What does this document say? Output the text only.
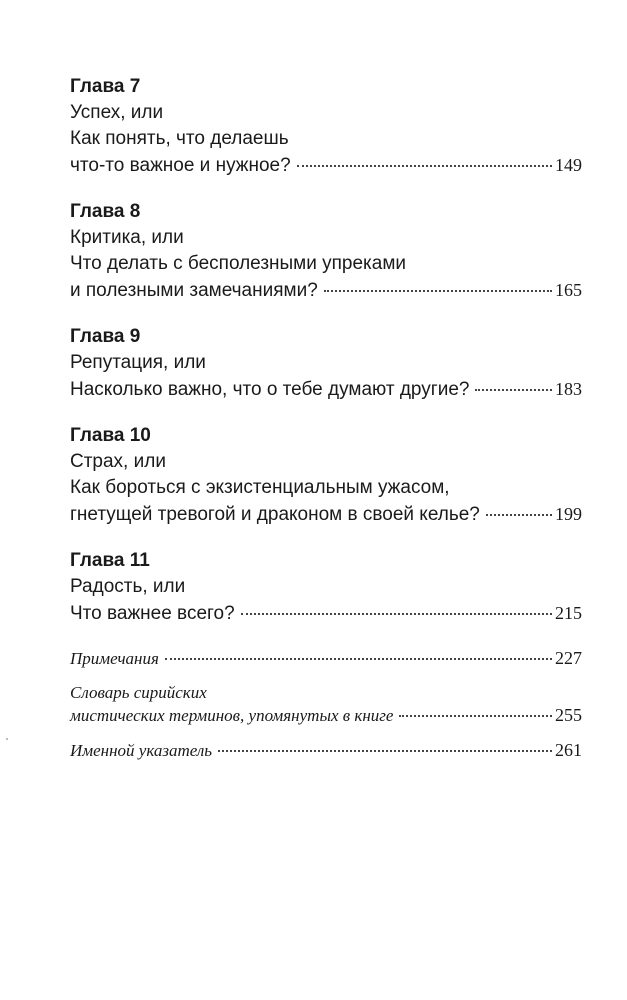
Глава 7

Успех, или

Как понять, что делаешь

что-то важное и нужное?	149

Глава 8

Критика, или

Что делать с бесполезными упреками

и полезными замечаниями?	165

Глава 9

Репутация, или

Насколько важно, что о тебе думают другие?	183

Глава 10

Страх, или

Как бороться с экзистенциальным ужасом,

гнетущей тревогой и драконом в своей келье?	199

Глава 11

Радость, или

Что важнее всего?	215
Примечания	227
Словарь сирийских
мистических терминов, упомянутых в книге	255
Именной указатель	261
